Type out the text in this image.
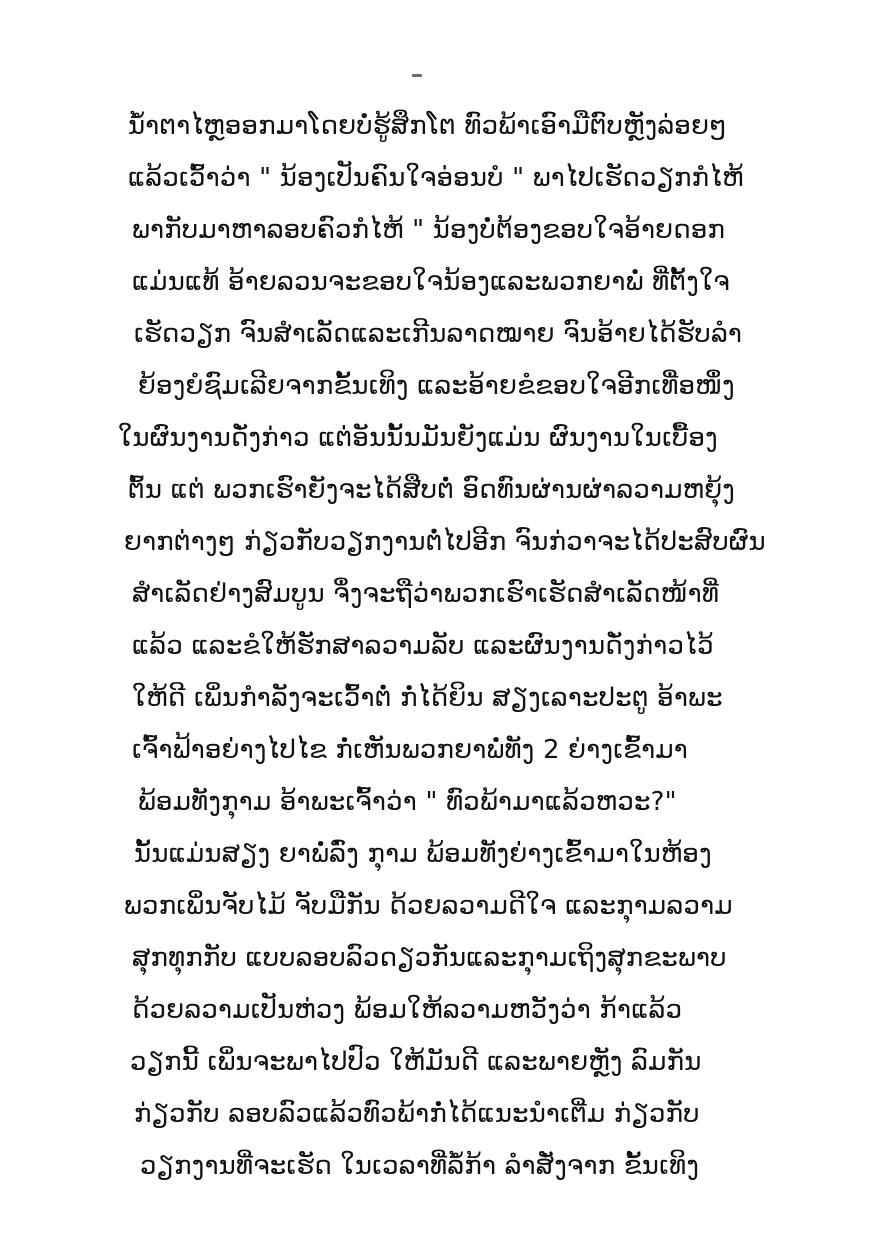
ນ້ຳຕາໄຫຼອອກມາໂດຍບໍ່ຮູ້ສຶກໂຕ ທົວພ້າເອົາມືຕົບຫຼັງລ່ອຍໆ
ແລ້ວເວົ້າວ່າ " ນ້ອງເປັນຄົນໃຈອ່ອນບໍ " ພາໄປເຮັດວຽກກໍໄຫ້
ພາກັບມາຫາລອບຄົວກໍໄຫ້ " ນ້ອງບໍ່ຕ້ອງຂອບໃຈອ້າຍດອກ
ແມ່ນແທ້ ອ້າຍລວນຈະຂອບໃຈນ້ອງແລະພວກຍາພໍ່ ທີ່ຕັ້ງໃຈ
ເຮັດວຽກ ຈົນສຳເລັດແລະເກີນລາດໝາຍ ຈົນອ້າຍໄດ້ຮັບລຳ
ຍ້ອງຍໍຊົມເລີຍຈາກຂັ້ນເທິງ ແລະອ້າຍຂໍຂອບໃຈອີກເທື່ອໜຶ່ງ
ໃນຜົນງານດັ່ງກ່າວ ແຕ່ອັນນັ້ນມັນຍັງແມ່ນ ຜົນງານໃນເບື້ອງ
ຕົ້ນ ແຕ່ ພວກເຮົາຍັງຈະໄດ້ສືບຕໍ່ ອົດທົນຜ່ານຜ່າລວາມຫຍຸ້ງ
ຍາກຕ່າງໆ ກ່ຽວກັບວຽກງານຕໍ່ໄປອີກ ຈົນກ່ວາຈະໄດ້ປະສົບຜົນ
ສຳເລັດຢ່າງສົມບູນ ຈຶ່ງຈະຖືວ່າພວກເຮົາເຮັດສຳເລັດໜ້າທີ່
ແລ້ວ ແລະຂໍໃຫ້ຮັກສາລວາມລັບ ແລະຜົນງານດັ່ງກ່າວໄວ້
ໃຫ້ດີ ເພິ່ນກຳລັງຈະເວົ້າຕໍ່ ກໍ່ໄດ້ຍິນ ສຽງເລາະປະຕູ ອ້າພະ
ເຈົ້າຟ້າອຍ່າງໄປໄຂ ກໍ່ເຫັນພວກຍາພໍ່ທັງ 2 ຍ່າງເຂົ້າມາ
ພ້ອມທັງກຸາມ ອ້າພະເຈົ້າວ່າ " ທົວພ້າມາແລ້ວຫວະ?"
ນັ້ນແມ່ນສຽງ ຍາພໍ່ລົ່ງ ກຸາມ ພ້ອມທັງຍ່າງເຂົ້າມາໃນຫ້ອງ
ພວກເພິ່ນຈັບໄມ້ ຈັບມືກັນ ດ້ວຍລວາມດີໃຈ ແລະກຸາມລວາມ
ສຸກທຸກກັບ ແບບລອບລົວດຽວກັນແລະກຸາມເຖິງສຸກຂະພາບ
ດ້ວຍລວາມເປັນຫ່ວງ ພ້ອມໃຫ້ລວາມຫວັງວ່າ ກ້າແລ້ວ
ວຽກນີ້ ເພິ່ນຈະພາໄປປົວ ໃຫ້ມັນດີ ແລະພາຍຫຼັງ ລົມກັນ
ກ່ຽວກັບ ລອບລົວແລ້ວທົວພ້າກໍ່ໄດ້ແນະນຳເຕີ່ມ ກ່ຽວກັບ
ວຽກງານທີ່ຈະເຮັດ ໃນເວລາທີ່ລໍ້ກ້າ ລຳສັ່ງຈາກ ຂັ້ນເທິງ
